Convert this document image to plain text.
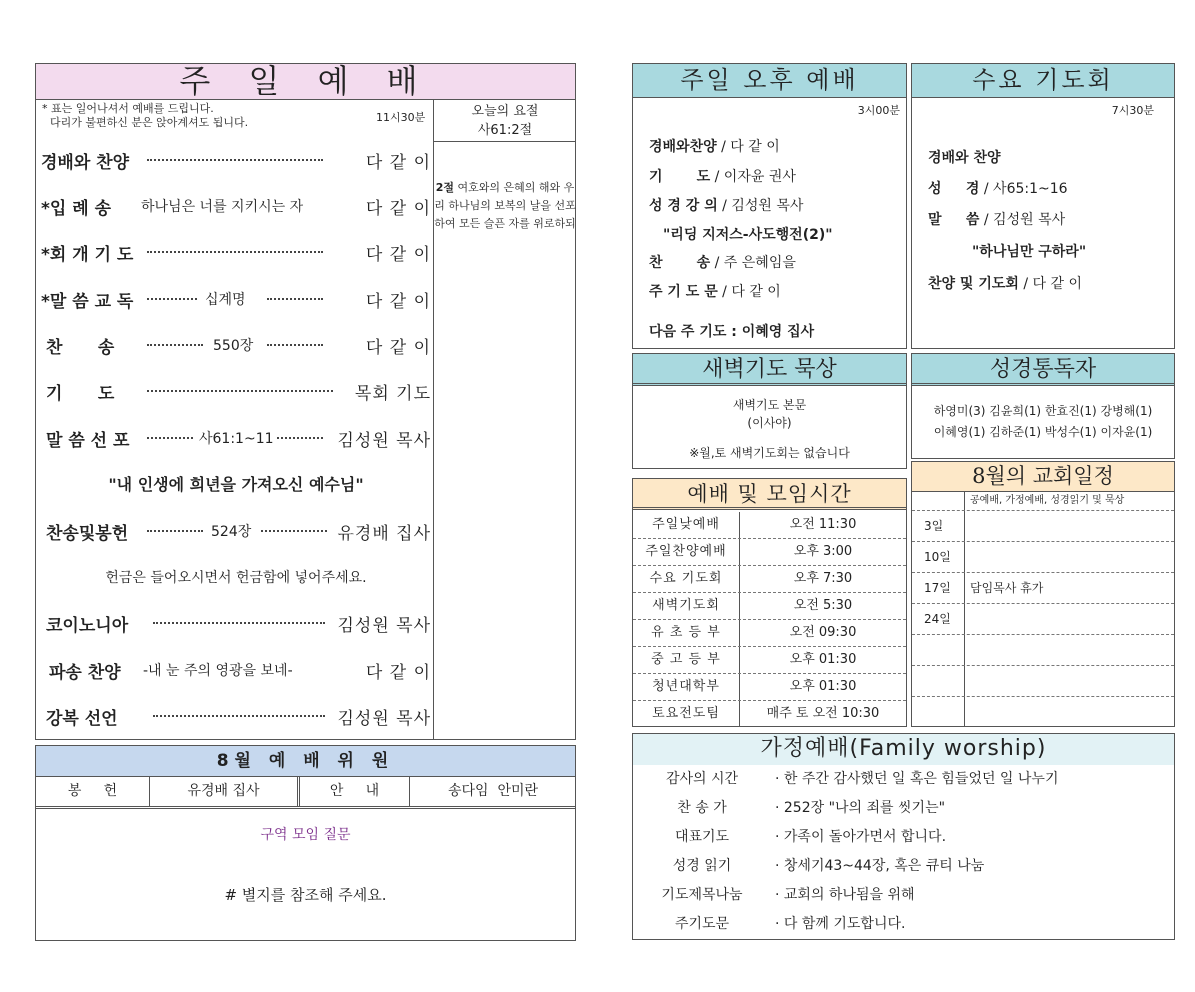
주 일 예 배
* 표는 일어나셔서 예배를 드립니다.
다리가 불편하신 분은 앉아계셔도 됩니다.	11시30분	오늘의 요절
사61:2절
2절 여호와의 은혜의 해와 우리 하나님의 보복의 날을 선포하여 모든 슬픈 자를 위로하되
경배와 찬양	다 같 이
*입 례 송 하나님은 너를 지키시는 자	다 같 이
*회 개 기 도	다 같 이
*말 씀 교 독	십계명	다 같 이
찬      송	550장	다 같 이
기      도	목회 기도
말 씀 선 포	사61:1~11	김성원 목사
"내 인생에 희년을 가져오신 예수님"
찬송및봉헌	524장	유경배 집사
헌금은 들어오시면서 헌금함에 넣어주세요.
코이노니아	김성원 목사
파송 찬양 -내 눈 주의 영광을 보네-	다 같 이
강복 선언	김성원 목사
8월 예 배 위 원
봉     헌	유경배 집사	안     내	송다임  안미란
구역 모임 질문
# 별지를 참조해 주세요.
주일 오후 예배
3시00분
경배와찬양 / 다 같 이
기       도 / 이자윤 권사
성 경 강 의 / 김성원 목사
"리딩 지저스-사도행전(2)"
찬       송 / 주 은혜임을
주 기 도 문 / 다 같 이
다음 주 기도 : 이혜영 집사
수요 기도회
7시30분
경배와 찬양
성     경 / 사65:1~16
말     씀 / 김성원 목사
"하나님만 구하라"
찬양 및 기도회 / 다 같 이
새벽기도 묵상
새벽기도 본문
(이사야)
※월,토 새벽기도회는 없습니다
성경통독자
하영미(3) 김윤희(1) 한효진(1) 강병해(1)
이혜영(1) 김하준(1) 박성수(1) 이자윤(1)
8월의 교회일정
공예배, 가정예배, 성경읽기 및 묵상
3일
10일
17일 담임목사 휴가
24일
예배 및 모임시간
주일낮예배	오전 11:30
주일찬양예배	오후 3:00
수요 기도회	오후 7:30
새벽기도회	오전 5:30
유 초 등 부	오전 09:30
중 고 등 부	오후 01:30
청년대학부	오후 01:30
토요전도팀	매주 토 오전 10:30
가정예배(Family worship)
감사의 시간	· 한 주간 감사했던 일 혹은 힘들었던 일 나누기
찬 송 가	· 252장 "나의 죄를 씻기는"
대표기도	· 가족이 돌아가면서 합니다.
성경 읽기	· 창세기43~44장, 혹은 큐티 나눔
기도제목나눔	· 교회의 하나됨을 위해
주기도문	· 다 함께 기도합니다.
